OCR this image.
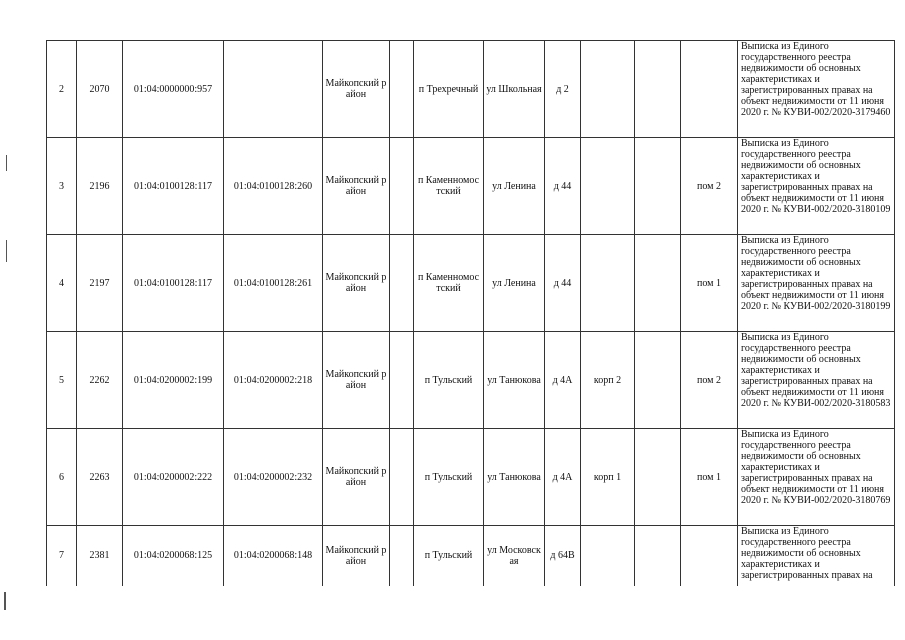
2	2070	01:04:0000000:957		Майкопский район		п Трехречный	ул Школьная	д 2				Выписка из Единого государственного реестра недвижимости об основных характеристиках и зарегистрированных правах на объект недвижимости от 11 июня 2020 г. № КУВИ-002/2020-3179460
3	2196	01:04:0100128:117	01:04:0100128:260	Майкопский район		п Каменномостский	ул Ленина	д 44			пом 2	Выписка из Единого государственного реестра недвижимости об основных характеристиках и зарегистрированных правах на объект недвижимости от 11 июня 2020 г. № КУВИ-002/2020-3180109
4	2197	01:04:0100128:117	01:04:0100128:261	Майкопский район		п Каменномостский	ул Ленина	д 44			пом 1	Выписка из Единого государственного реестра недвижимости об основных характеристиках и зарегистрированных правах на объект недвижимости от 11 июня 2020 г. № КУВИ-002/2020-3180199
5	2262	01:04:0200002:199	01:04:0200002:218	Майкопский район		п Тульский	ул Танюкова	д 4А	корп 2		пом 2	Выписка из Единого государственного реестра недвижимости об основных характеристиках и зарегистрированных правах на объект недвижимости от 11 июня 2020 г. № КУВИ-002/2020-3180583
6	2263	01:04:0200002:222	01:04:0200002:232	Майкопский район		п Тульский	ул Танюкова	д 4А	корп 1		пом 1	Выписка из Единого государственного реестра недвижимости об основных характеристиках и зарегистрированных правах на объект недвижимости от 11 июня 2020 г. № КУВИ-002/2020-3180769
7	2381	01:04:0200068:125	01:04:0200068:148	Майкопский район		п Тульский	ул Московская	д 64В				Выписка из Единого государственного реестра недвижимости об основных характеристиках и зарегистрированных правах на
